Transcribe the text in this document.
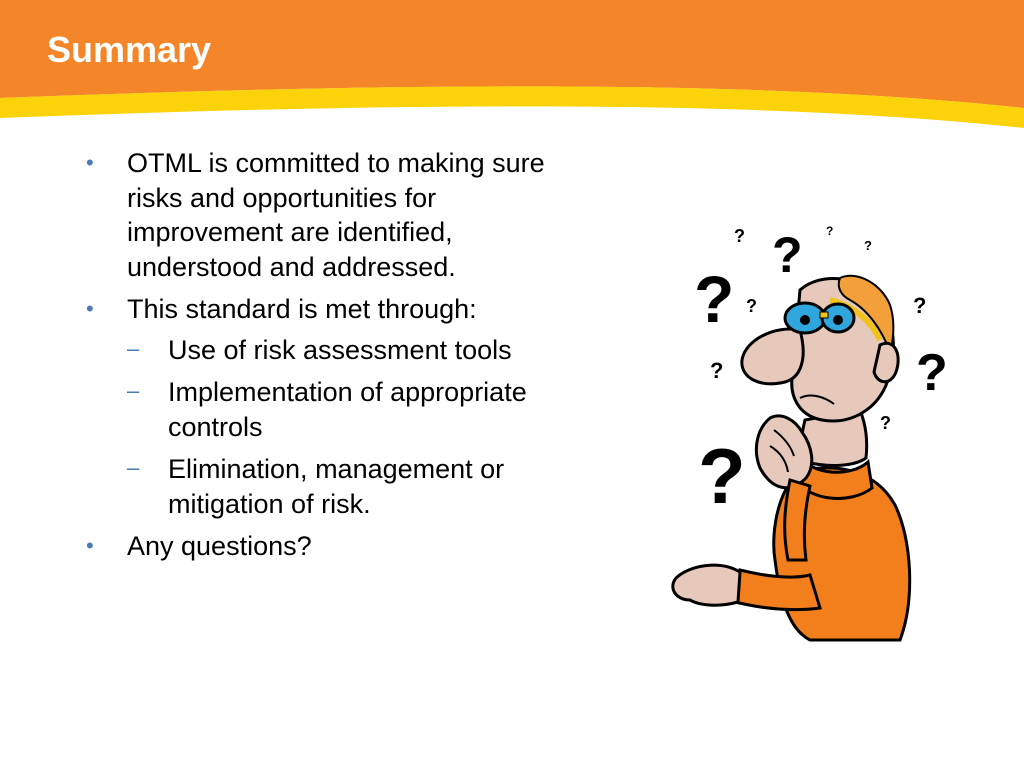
Summary
• OTML is committed to making sure risks and opportunities for improvement are identified, understood and addressed.
• This standard is met through:
– Use of risk assessment tools
– Implementation of appropriate controls
– Elimination, management or mitigation of risk.
• Any questions?
? ? ?
?
? ?	?
?	?
?
?
